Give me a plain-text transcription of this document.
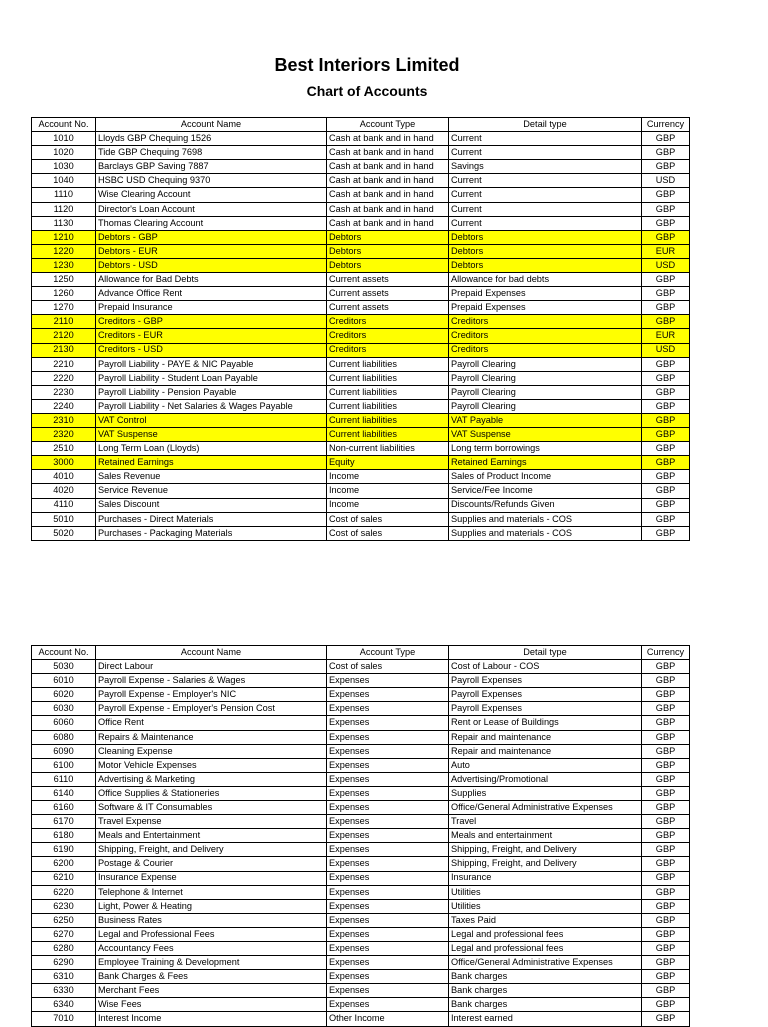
Best Interiors Limited
Chart of Accounts
Account No.	Account Name	Account Type	Detail type	Currency
1010	Lloyds GBP Chequing 1526	Cash at bank and in hand	Current	GBP
1020	Tide GBP Chequing 7698	Cash at bank and in hand	Current	GBP
1030	Barclays GBP Saving 7887	Cash at bank and in hand	Savings	GBP
1040	HSBC USD Chequing 9370	Cash at bank and in hand	Current	USD
1110	Wise Clearing Account	Cash at bank and in hand	Current	GBP
1120	Director's Loan Account	Cash at bank and in hand	Current	GBP
1130	Thomas Clearing Account	Cash at bank and in hand	Current	GBP
1210	Debtors - GBP	Debtors	Debtors	GBP
1220	Debtors - EUR	Debtors	Debtors	EUR
1230	Debtors - USD	Debtors	Debtors	USD
1250	Allowance for Bad Debts	Current assets	Allowance for bad debts	GBP
1260	Advance Office Rent	Current assets	Prepaid Expenses	GBP
1270	Prepaid Insurance	Current assets	Prepaid Expenses	GBP
2110	Creditors - GBP	Creditors	Creditors	GBP
2120	Creditors - EUR	Creditors	Creditors	EUR
2130	Creditors - USD	Creditors	Creditors	USD
2210	Payroll Liability - PAYE & NIC Payable	Current liabilities	Payroll Clearing	GBP
2220	Payroll Liability - Student Loan Payable	Current liabilities	Payroll Clearing	GBP
2230	Payroll Liability - Pension Payable	Current liabilities	Payroll Clearing	GBP
2240	Payroll Liability - Net Salaries & Wages Payable	Current liabilities	Payroll Clearing	GBP
2310	VAT Control	Current liabilities	VAT Payable	GBP
2320	VAT Suspense	Current liabilities	VAT Suspense	GBP
2510	Long Term Loan (Lloyds)	Non-current liabilities	Long term borrowings	GBP
3000	Retained Earnings	Equity	Retained Earnings	GBP
4010	Sales Revenue	Income	Sales of Product Income	GBP
4020	Service Revenue	Income	Service/Fee Income	GBP
4110	Sales Discount	Income	Discounts/Refunds Given	GBP
5010	Purchases - Direct Materials	Cost of sales	Supplies and materials - COS	GBP
5020	Purchases - Packaging Materials	Cost of sales	Supplies and materials - COS	GBP
Account No.	Account Name	Account Type	Detail type	Currency
5030	Direct Labour	Cost of sales	Cost of Labour - COS	GBP
6010	Payroll Expense - Salaries & Wages	Expenses	Payroll Expenses	GBP
6020	Payroll Expense - Employer's NIC	Expenses	Payroll Expenses	GBP
6030	Payroll Expense - Employer's Pension Cost	Expenses	Payroll Expenses	GBP
6060	Office Rent	Expenses	Rent or Lease of Buildings	GBP
6080	Repairs & Maintenance	Expenses	Repair and maintenance	GBP
6090	Cleaning Expense	Expenses	Repair and maintenance	GBP
6100	Motor Vehicle Expenses	Expenses	Auto	GBP
6110	Advertising & Marketing	Expenses	Advertising/Promotional	GBP
6140	Office Supplies & Stationeries	Expenses	Supplies	GBP
6160	Software & IT Consumables	Expenses	Office/General Administrative Expenses	GBP
6170	Travel Expense	Expenses	Travel	GBP
6180	Meals and Entertainment	Expenses	Meals and entertainment	GBP
6190	Shipping, Freight, and Delivery	Expenses	Shipping, Freight, and Delivery	GBP
6200	Postage & Courier	Expenses	Shipping, Freight, and Delivery	GBP
6210	Insurance Expense	Expenses	Insurance	GBP
6220	Telephone & Internet	Expenses	Utilities	GBP
6230	Light, Power & Heating	Expenses	Utilities	GBP
6250	Business Rates	Expenses	Taxes Paid	GBP
6270	Legal and Professional Fees	Expenses	Legal and professional fees	GBP
6280	Accountancy Fees	Expenses	Legal and professional fees	GBP
6290	Employee Training & Development	Expenses	Office/General Administrative Expenses	GBP
6310	Bank Charges & Fees	Expenses	Bank charges	GBP
6330	Merchant Fees	Expenses	Bank charges	GBP
6340	Wise Fees	Expenses	Bank charges	GBP
7010	Interest Income	Other Income	Interest earned	GBP
